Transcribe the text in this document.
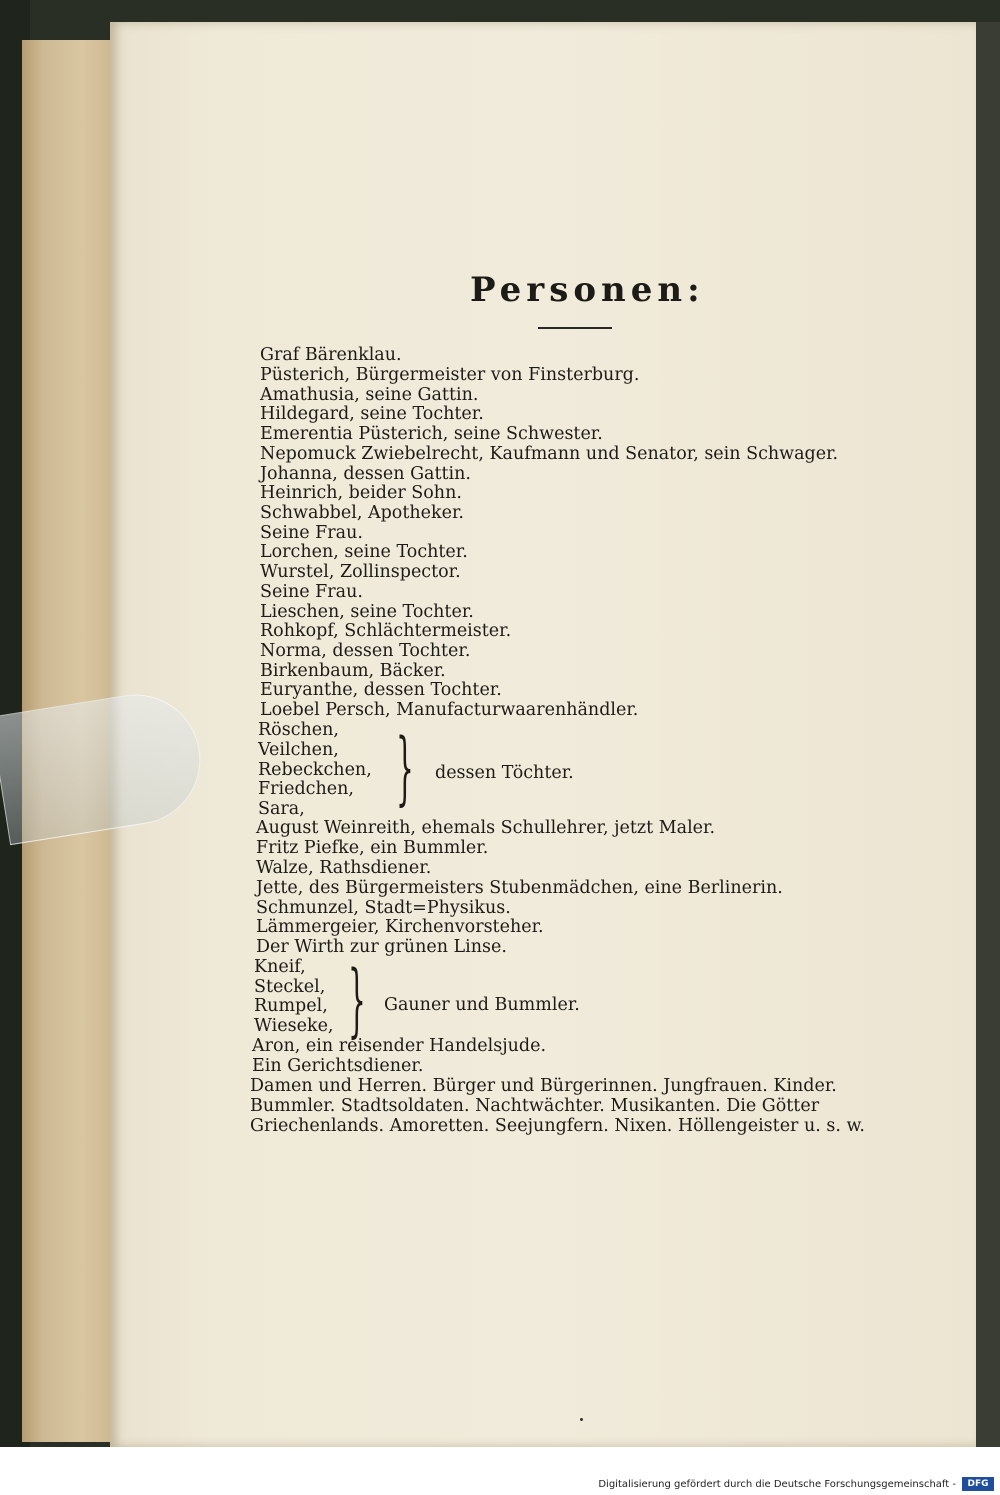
Personen:
Graf Bärenklau.
Püsterich, Bürgermeister von Finsterburg.
Amathusia, seine Gattin.
Hildegard, seine Tochter.
Emerentia Püsterich, seine Schwester.
Nepomuck Zwiebelrecht, Kaufmann und Senator, sein Schwager.
Johanna, dessen Gattin.
Heinrich, beider Sohn.
Schwabbel, Apotheker.
Seine Frau.
Lorchen, seine Tochter.
Wurstel, Zollinspector.
Seine Frau.
Lieschen, seine Tochter.
Rohkopf, Schlächtermeister.
Norma, dessen Tochter.
Birkenbaum, Bäcker.
Euryanthe, dessen Tochter.
Loebel Persch, Manufacturwaarenhändler.
Röschen,
Veilchen,
Rebeckchen,
Friedchen,
Sara, } dessen Töchter.
August Weinreith, ehemals Schullehrer, jetzt Maler.
Fritz Piefke, ein Bummler.
Walze, Rathsdiener.
Jette, des Bürgermeisters Stubenmädchen, eine Berlinerin.
Schmunzel, Stadt=Physikus.
Lämmergeier, Kirchenvorsteher.
Der Wirth zur grünen Linse.
Kneif,
Steckel,
Rumpel,
Wieseke, } Gauner und Bummler.
Aron, ein reisender Handelsjude.
Ein Gerichtsdiener.
Damen und Herren. Bürger und Bürgerinnen. Jungfrauen. Kinder.
Bummler. Stadtsoldaten. Nachtwächter. Musikanten. Die Götter
Griechenlands. Amoretten. Seejungfern. Nixen. Höllengeister u. s. w.
Digitalisierung gefördert durch die Deutsche Forschungsgemeinschaft -	DFG
